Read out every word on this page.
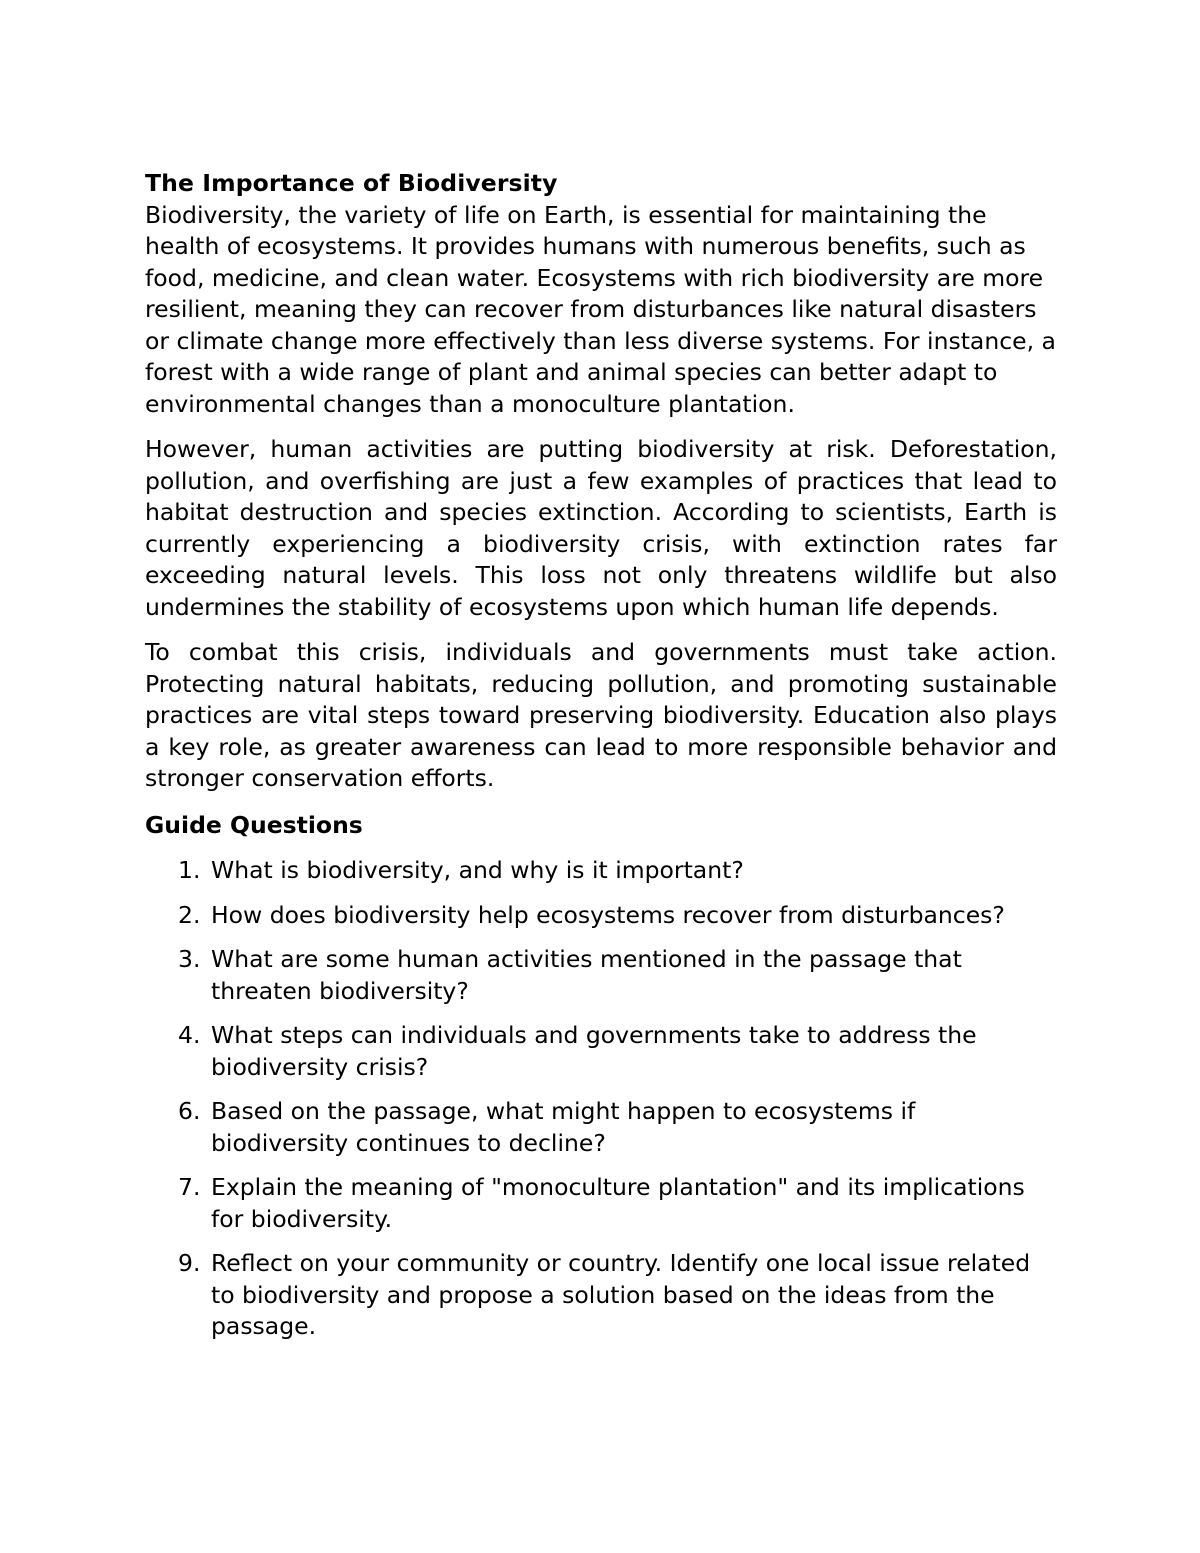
The Importance of Biodiversity

Biodiversity, the variety of life on Earth, is essential for maintaining the health of ecosystems. It provides humans with numerous benefits, such as food, medicine, and clean water. Ecosystems with rich biodiversity are more resilient, meaning they can recover from disturbances like natural disasters or climate change more effectively than less diverse systems. For instance, a forest with a wide range of plant and animal species can better adapt to environmental changes than a monoculture plantation.

However, human activities are putting biodiversity at risk. Deforestation, pollution, and overfishing are just a few examples of practices that lead to habitat destruction and species extinction. According to scientists, Earth is currently experiencing a biodiversity crisis, with extinction rates far exceeding natural levels. This loss not only threatens wildlife but also undermines the stability of ecosystems upon which human life depends.

To combat this crisis, individuals and governments must take action. Protecting natural habitats, reducing pollution, and promoting sustainable practices are vital steps toward preserving biodiversity. Education also plays a key role, as greater awareness can lead to more responsible behavior and stronger conservation efforts.

Guide Questions
1. What is biodiversity, and why is it important?
2. How does biodiversity help ecosystems recover from disturbances?
3. What are some human activities mentioned in the passage that threaten biodiversity?
4. What steps can individuals and governments take to address the biodiversity crisis?
6. Based on the passage, what might happen to ecosystems if biodiversity continues to decline?
7. Explain the meaning of "monoculture plantation" and its implications for biodiversity.
9. Reflect on your community or country. Identify one local issue related to biodiversity and propose a solution based on the ideas from the passage.
